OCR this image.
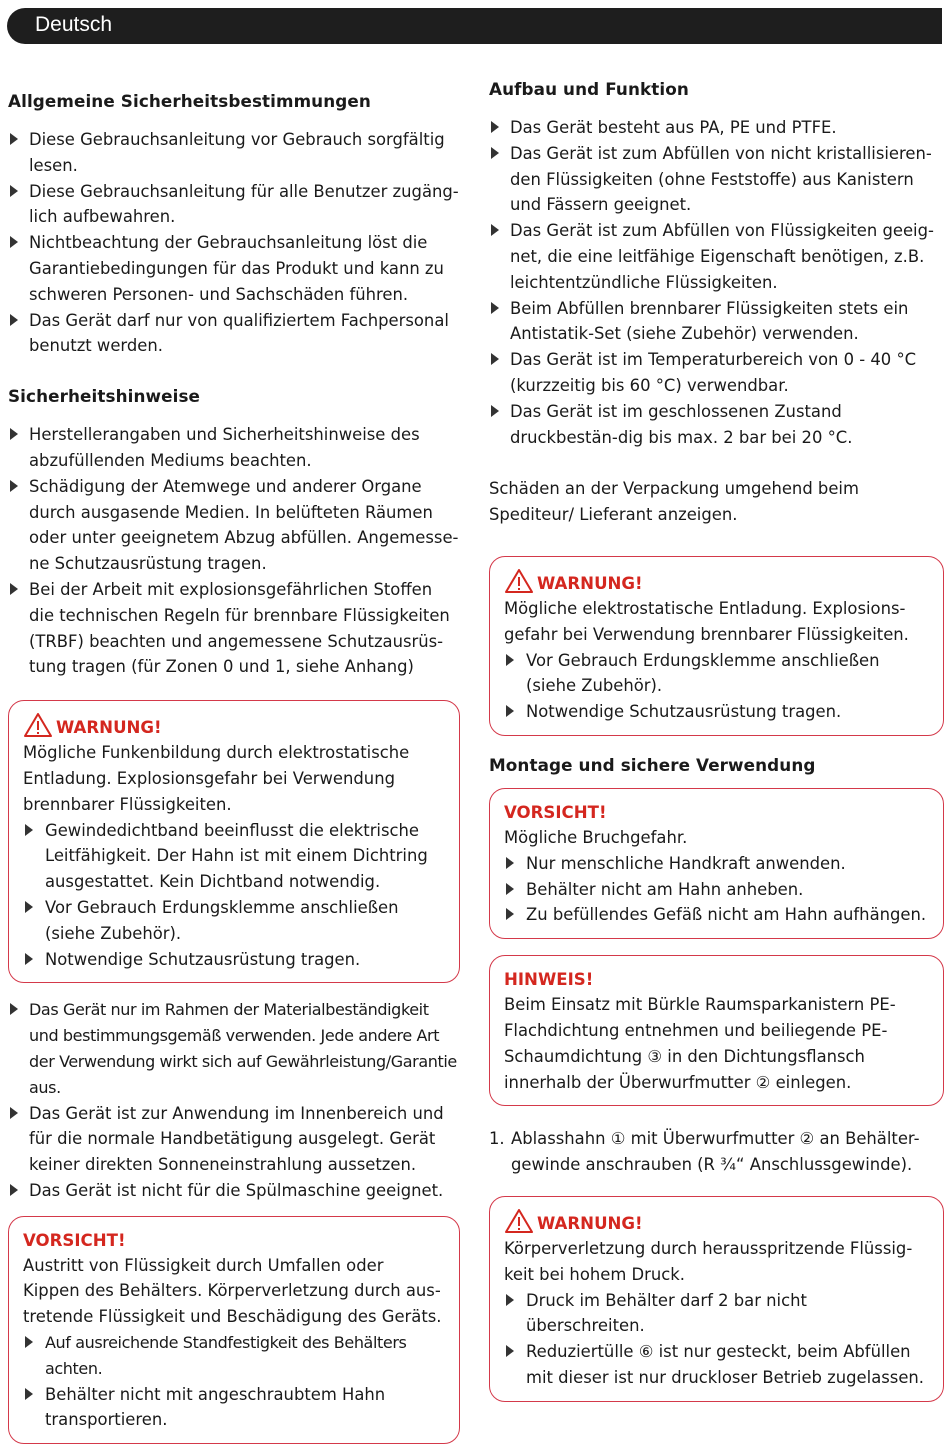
Deutsch
Allgemeine Sicherheitsbestimmungen
Diese Gebrauchsanleitung vor Gebrauch sorgfältig lesen.
Diese Gebrauchsanleitung für alle Benutzer zugäng-lich aufbewahren.
Nichtbeachtung der Gebrauchsanleitung löst die Garantiebedingungen für das Produkt und kann zu schweren Personen- und Sachschäden führen.
Das Gerät darf nur von qualifiziertem Fachpersonal benutzt werden.
Sicherheitshinweise
Herstellerangaben und Sicherheitshinweise des abzufüllenden Mediums beachten.
Schädigung der Atemwege und anderer Organe durch ausgasende Medien. In belüfteten Räumen oder unter geeignetem Abzug abfüllen. Angemesse-ne Schutzausrüstung tragen.
Bei der Arbeit mit explosionsgefährlichen Stoffen die technischen Regeln für brennbare Flüssigkeiten (TRBF) beachten und angemessene Schutzausrüs-tung tragen (für Zonen 0 und 1, siehe Anhang)
WARNUNG!

Mögliche Funkenbildung durch elektrostatische Entladung. Explosionsgefahr bei Verwendung brennbarer Flüssigkeiten.

Gewindedichtband beeinflusst die elektrische Leitfähigkeit. Der Hahn ist mit einem Dichtring ausgestattet. Kein Dichtband notwendig.
Vor Gebrauch Erdungsklemme anschließen (siehe Zubehör).
Notwendige Schutzausrüstung tragen.
Das Gerät nur im Rahmen der Materialbeständigkeit und bestimmungsgemäß verwenden. Jede andere Art der Verwendung wirkt sich auf Gewährleistung/Garantie aus.
Das Gerät ist zur Anwendung im Innenbereich und für die normale Handbetätigung ausgelegt. Gerät keiner direkten Sonneneinstrahlung aussetzen.
Das Gerät ist nicht für die Spülmaschine geeignet.
VORSICHT!

Austritt von Flüssigkeit durch Umfallen oder Kippen des Behälters. Körperverletzung durch aus-tretende Flüssigkeit und Beschädigung des Geräts.

Auf ausreichende Standfestigkeit des Behälters achten.
Behälter nicht mit angeschraubtem Hahn transportieren.
Aufbau und Funktion
Das Gerät besteht aus PA, PE und PTFE.
Das Gerät ist zum Abfüllen von nicht kristallisieren-den Flüssigkeiten (ohne Feststoffe) aus Kanistern und Fässern geeignet.
Das Gerät ist zum Abfüllen von Flüssigkeiten geeig-net, die eine leitfähige Eigenschaft benötigen, z.B. leichtentzündliche Flüssigkeiten.
Beim Abfüllen brennbarer Flüssigkeiten stets ein Antistatik-Set (siehe Zubehör) verwenden.
Das Gerät ist im Temperaturbereich von 0 - 40 °C (kurzzeitig bis 60 °C) verwendbar.
Das Gerät ist im geschlossenen Zustand druckbestän-dig bis max. 2 bar bei 20 °C.

Schäden an der Verpackung umgehend beim Spediteur/ Lieferant anzeigen.

WARNUNG!

Mögliche elektrostatische Entladung. Explosions-gefahr bei Verwendung brennbarer Flüssigkeiten.

Vor Gebrauch Erdungsklemme anschließen (siehe Zubehör).
Notwendige Schutzausrüstung tragen.
Montage und sichere Verwendung
VORSICHT!

Mögliche Bruchgefahr.

Nur menschliche Handkraft anwenden.
Behälter nicht am Hahn anheben.
Zu befüllendes Gefäß nicht am Hahn aufhängen.
HINWEIS!

Beim Einsatz mit Bürkle Raumsparkanistern PE-Flachdichtung entnehmen und beiliegende PE-Schaumdichtung ③ in den Dichtungsflansch innerhalb der Überwurfmutter ② einlegen.

1. Ablasshahn ① mit Überwurfmutter ② an Behälter-gewinde anschrauben (R ¾“ Anschlussgewinde).
WARNUNG!

Körperverletzung durch herausspritzende Flüssig-keit bei hohem Druck.

Druck im Behälter darf 2 bar nicht überschreiten.
Reduziertülle ⑥ ist nur gesteckt, beim Abfüllen mit dieser ist nur druckloser Betrieb zugelassen.
